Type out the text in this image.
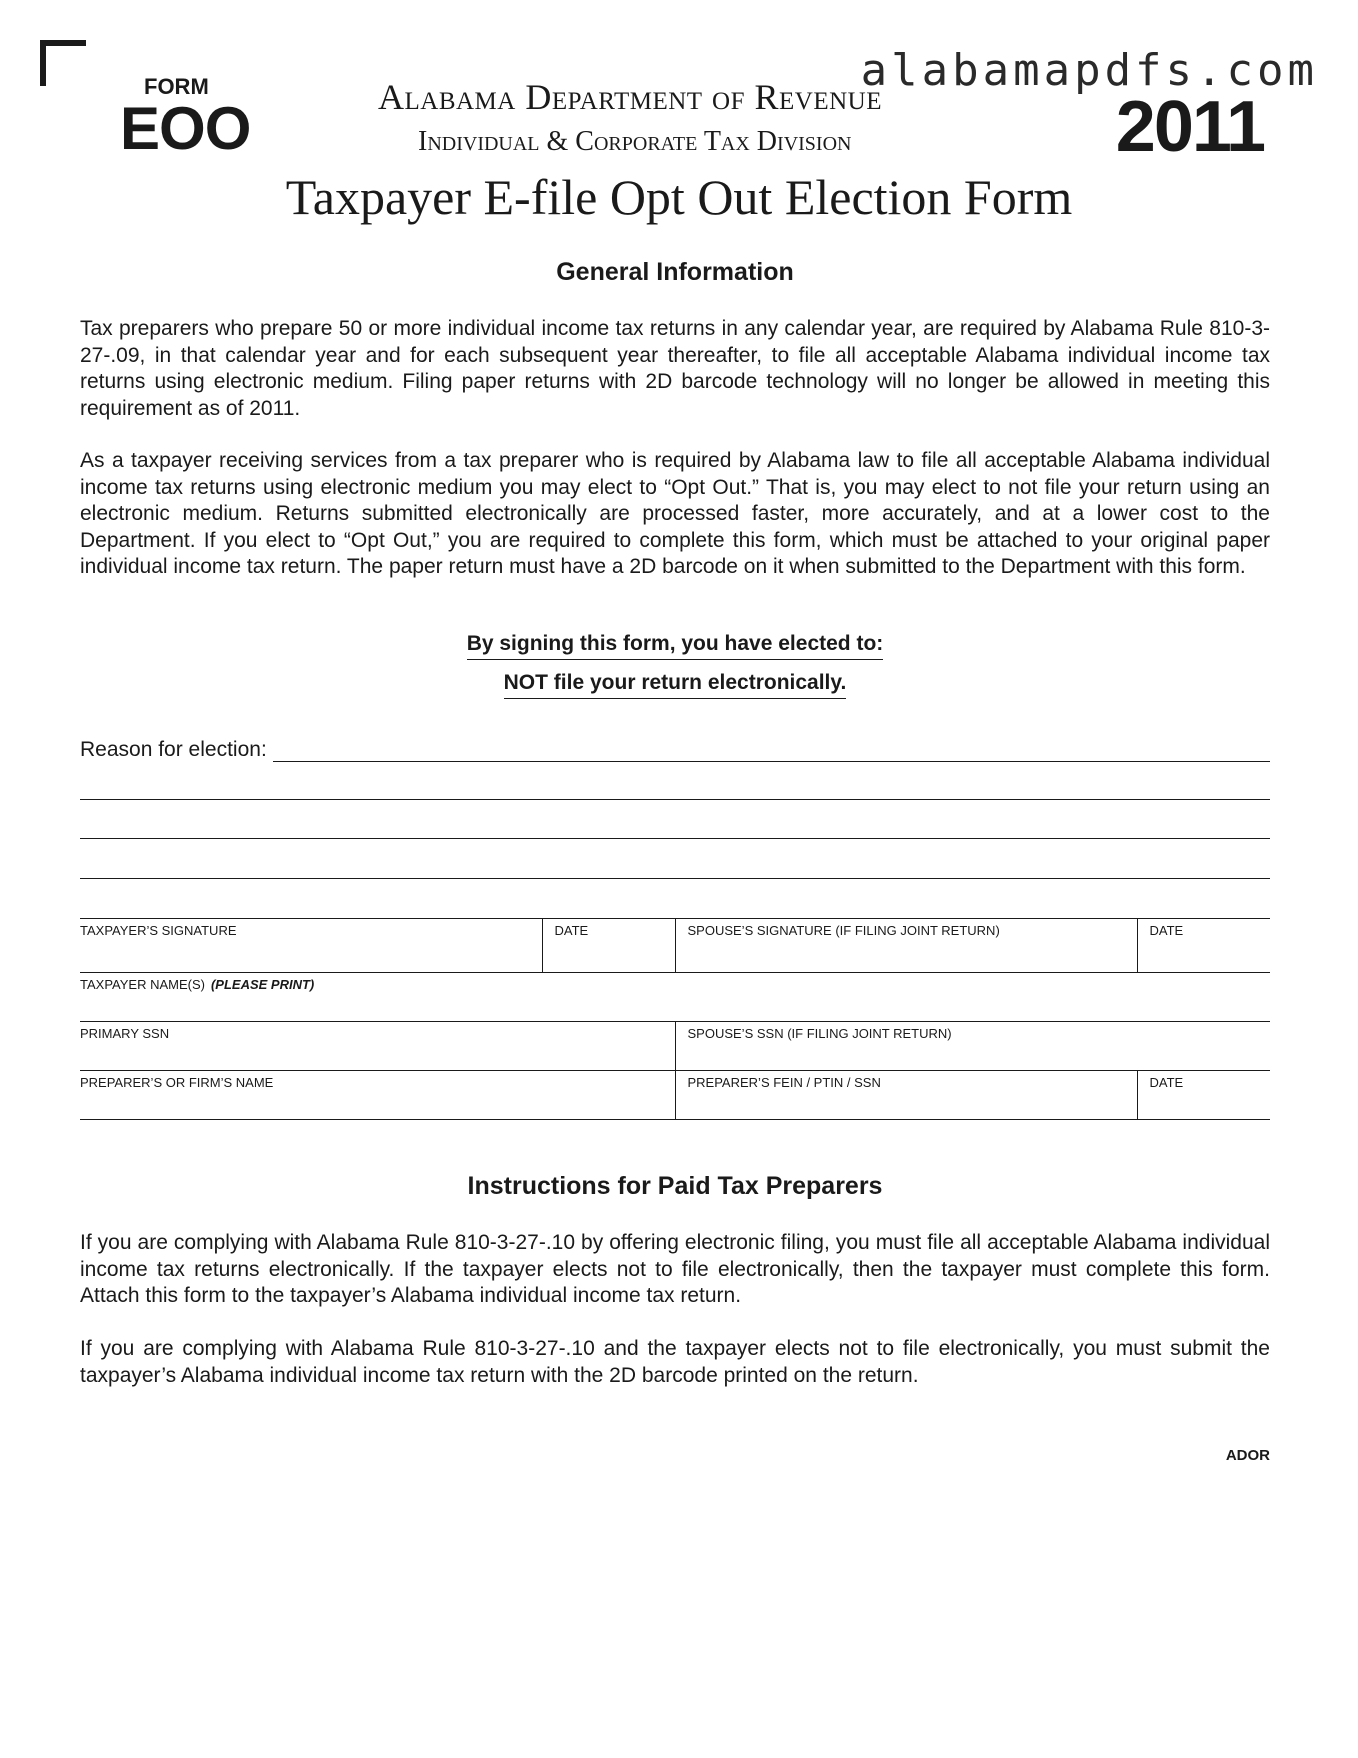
alabamapdfs.com
FORM
EOO	Alabama Department of Revenue
Individual & Corporate Tax Division	2011
Taxpayer E-file Opt Out Election Form
General Information

Tax preparers who prepare 50 or more individual income tax returns in any calendar year, are required by Alabama Rule 810-3-27-.09, in that calendar year and for each subsequent year thereafter, to file all acceptable Alabama individual income tax returns using electronic medium. Filing paper returns with 2D barcode technology will no longer be allowed in meeting this requirement as of 2011.

As a taxpayer receiving services from a tax preparer who is required by Alabama law to file all acceptable Alabama individual income tax returns using electronic medium you may elect to “Opt Out.” That is, you may elect to not file your return using an electronic medium. Returns submitted electronically are processed faster, more accurately, and at a lower cost to the Department. If you elect to “Opt Out,” you are required to complete this form, which must be attached to your original paper individual income tax return. The paper return must have a 2D barcode on it when submitted to the Department with this form.

By signing this form, you have elected to:
NOT file your return electronically.
Reason for election:
TAXPAYER’S SIGNATURE	DATE	SPOUSE’S SIGNATURE (IF FILING JOINT RETURN)	DATE
TAXPAYER NAME(S) (PLEASE PRINT)			
PRIMARY SSN		SPOUSE’S SSN (IF FILING JOINT RETURN)	
PREPARER’S OR FIRM’S NAME		PREPARER’S FEIN / PTIN / SSN	DATE
Instructions for Paid Tax Preparers

If you are complying with Alabama Rule 810-3-27-.10 by offering electronic filing, you must file all acceptable Alabama individual income tax returns electronically. If the taxpayer elects not to file electronically, then the taxpayer must complete this form. Attach this form to the taxpayer’s Alabama individual income tax return.

If you are complying with Alabama Rule 810-3-27-.10 and the taxpayer elects not to file electronically, you must submit the taxpayer’s Alabama individual income tax return with the 2D barcode printed on the return.

ADOR
